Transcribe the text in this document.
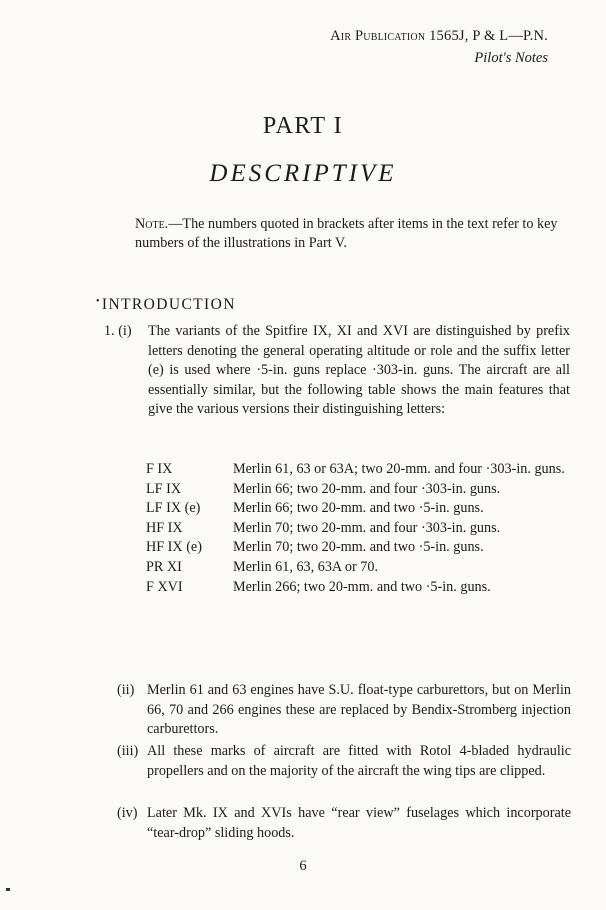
Air Publication 1565J, P & L—P.N.
Pilot's Notes
PART I
DESCRIPTIVE
Note.—The numbers quoted in brackets after items in the text refer to key numbers of the illustrations in Part V.
•INTRODUCTION
1. (i)	The variants of the Spitfire IX, XI and XVI are distinguished by prefix letters denoting the general operating altitude or role and the suffix letter (e) is used where ·5-in. guns replace ·303-in. guns. The aircraft are all essentially similar, but the following table shows the main features that give the various versions their distinguishing letters:
F IX	Merlin 61, 63 or 63A; two 20-mm. and four ·303-in. guns.
LF IX	Merlin 66; two 20-mm. and four ·303-in. guns.
LF IX (e) Merlin 66; two 20-mm. and two ·5-in. guns.
HF IX	Merlin 70; two 20-mm. and four ·303-in. guns.
HF IX (e) Merlin 70; two 20-mm. and two ·5-in. guns.
PR XI	Merlin 61, 63, 63A or 70.
F XVI	Merlin 266; two 20-mm. and two ·5-in. guns.
(ii) Merlin 61 and 63 engines have S.U. float-type carburettors, but on Merlin 66, 70 and 266 engines these are replaced by Bendix-Stromberg injection carburettors.
(iii) All these marks of aircraft are fitted with Rotol 4-bladed hydraulic propellers and on the majority of the aircraft the wing tips are clipped.
(iv) Later Mk. IX and XVIs have “rear view” fuselages which incorporate “tear-drop” sliding hoods.
6
